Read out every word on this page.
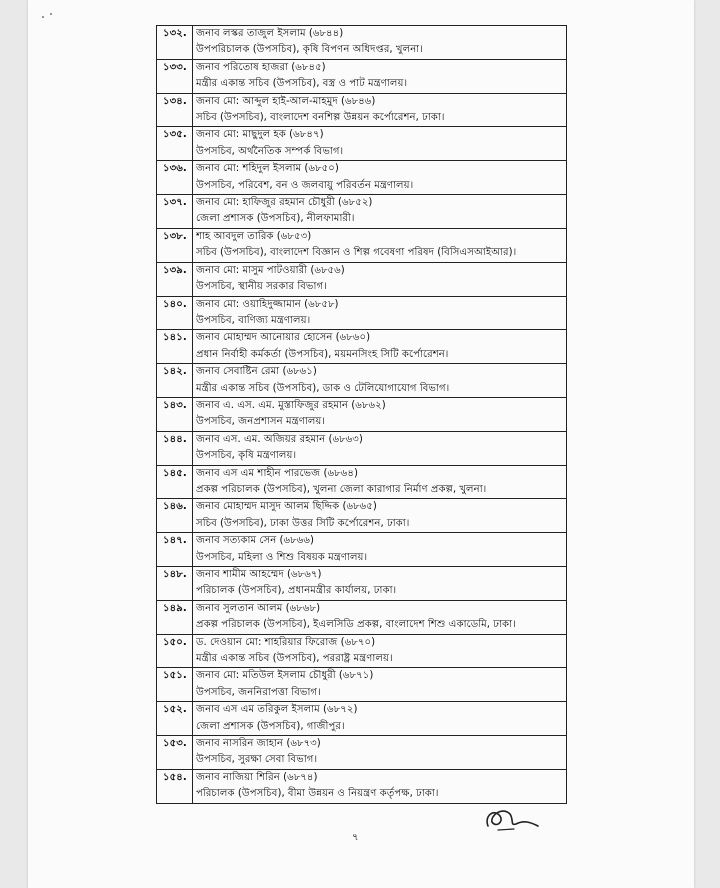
১৩২.	জনাব লস্কর তাজুল ইসলাম (৬৮৪৪)
উপপরিচালক (উপসচিব), কৃষি বিপণন অধিদপ্তর, খুলনা।

১৩৩.	জনাব পরিতোষ হাজরা (৬৮৪৫)
মন্ত্রীর একান্ত সচিব (উপসচিব), বস্ত্র ও পাট মন্ত্রণালয়।

১৩৪.	জনাব মো: আব্দুল হাই-আল-মাহমুদ (৬৮৪৬)
সচিব (উপসচিব), বাংলাদেশ বনশিল্প উন্নয়ন কর্পোরেশন, ঢাকা।

১৩৫.	জনাব মো: মাছুদুল হক (৬৮৪৭)
উপসচিব, অর্থনৈতিক সম্পর্ক বিভাগ।

১৩৬.	জনাব মো: শহিদুল ইসলাম (৬৮৫০)
উপসচিব, পরিবেশ, বন ও জলবায়ু পরিবর্তন মন্ত্রণালয়।

১৩৭.	জনাব মো: হাফিজুর রহমান চৌধুরী (৬৮৫২)
জেলা প্রশাসক (উপসচিব), নীলফামারী।

১৩৮.	শাহ আবদুল তারিক (৬৮৫৩)
সচিব (উপসচিব), বাংলাদেশ বিজ্ঞান ও শিল্প গবেষণা পরিষদ (বিসিএসআইআর)।

১৩৯.	জনাব মো: মাসুম পাটওয়ারী (৬৮৫৬)
উপসচিব, স্থানীয় সরকার বিভাগ।

১৪০.	জনাব মো: ওয়াহিদুজ্জামান (৬৮৫৮)
উপসচিব, বাণিজ্য মন্ত্রণালয়।

১৪১.	জনাব মোহাম্মদ আনোয়ার হোসেন (৬৮৬০)
প্রধান নির্বাহী কর্মকর্তা (উপসচিব), ময়মনসিংহ সিটি কর্পোরেশন।

১৪২.	জনাব সেবাষ্টিন রেমা (৬৮৬১)
মন্ত্রীর একান্ত সচিব (উপসচিব), ডাক ও টেলিযোগাযোগ বিভাগ।

১৪৩.	জনাব এ. এস. এম. মুস্তাফিজুর রহমান (৬৮৬২)
উপসচিব, জনপ্রশাসন মন্ত্রণালয়।

১৪৪.	জনাব এস. এম. অজিয়র রহমান (৬৮৬৩)
উপসচিব, কৃষি মন্ত্রণালয়।

১৪৫.	জনাব এস এম শাহীন পারভেজ (৬৮৬৪)
প্রকল্প পরিচালক (উপসচিব), খুলনা জেলা কারাগার নির্মাণ প্রকল্প, খুলনা।

১৪৬.	জনাব মোহাম্মদ মাসুদ আলম ছিদ্দিক (৬৮৬৫)
সচিব (উপসচিব), ঢাকা উত্তর সিটি কর্পোরেশন, ঢাকা।

১৪৭.	জনাব সত্যকাম সেন (৬৮৬৬)
উপসচিব, মহিলা ও শিশু বিষয়ক মন্ত্রণালয়।

১৪৮.	জনাব শামীম আহম্মেদ (৬৮৬৭)
পরিচালক (উপসচিব), প্রধানমন্ত্রীর কার্যালয়, ঢাকা।

১৪৯.	জনাব সুলতান আলম (৬৮৬৮)
প্রকল্প পরিচালক (উপসচিব), ইএলসিডি প্রকল্প, বাংলাদেশ শিশু একাডেমি, ঢাকা।

১৫০.	ড. দেওয়ান মো: শাহরিয়ার ফিরোজ (৬৮৭০)
মন্ত্রীর একান্ত সচিব (উপসচিব), পররাষ্ট্র মন্ত্রণালয়।

১৫১.	জনাব মো: মতিউল ইসলাম চৌধুরী (৬৮৭১)
উপসচিব, জননিরাপত্তা বিভাগ।

১৫২.	জনাব এস এম তরিকুল ইসলাম (৬৮৭২)
জেলা প্রশাসক (উপসচিব), গাজীপুর।

১৫৩.	জনাব নাসরিন জাহান (৬৮৭৩)
উপসচিব, সুরক্ষা সেবা বিভাগ।

১৫৪.	জনাব নাজিয়া শিরিন (৬৮৭৪)
পরিচালক (উপসচিব), বীমা উন্নয়ন ও নিয়ন্ত্রণ কর্তৃপক্ষ, ঢাকা।
৭
